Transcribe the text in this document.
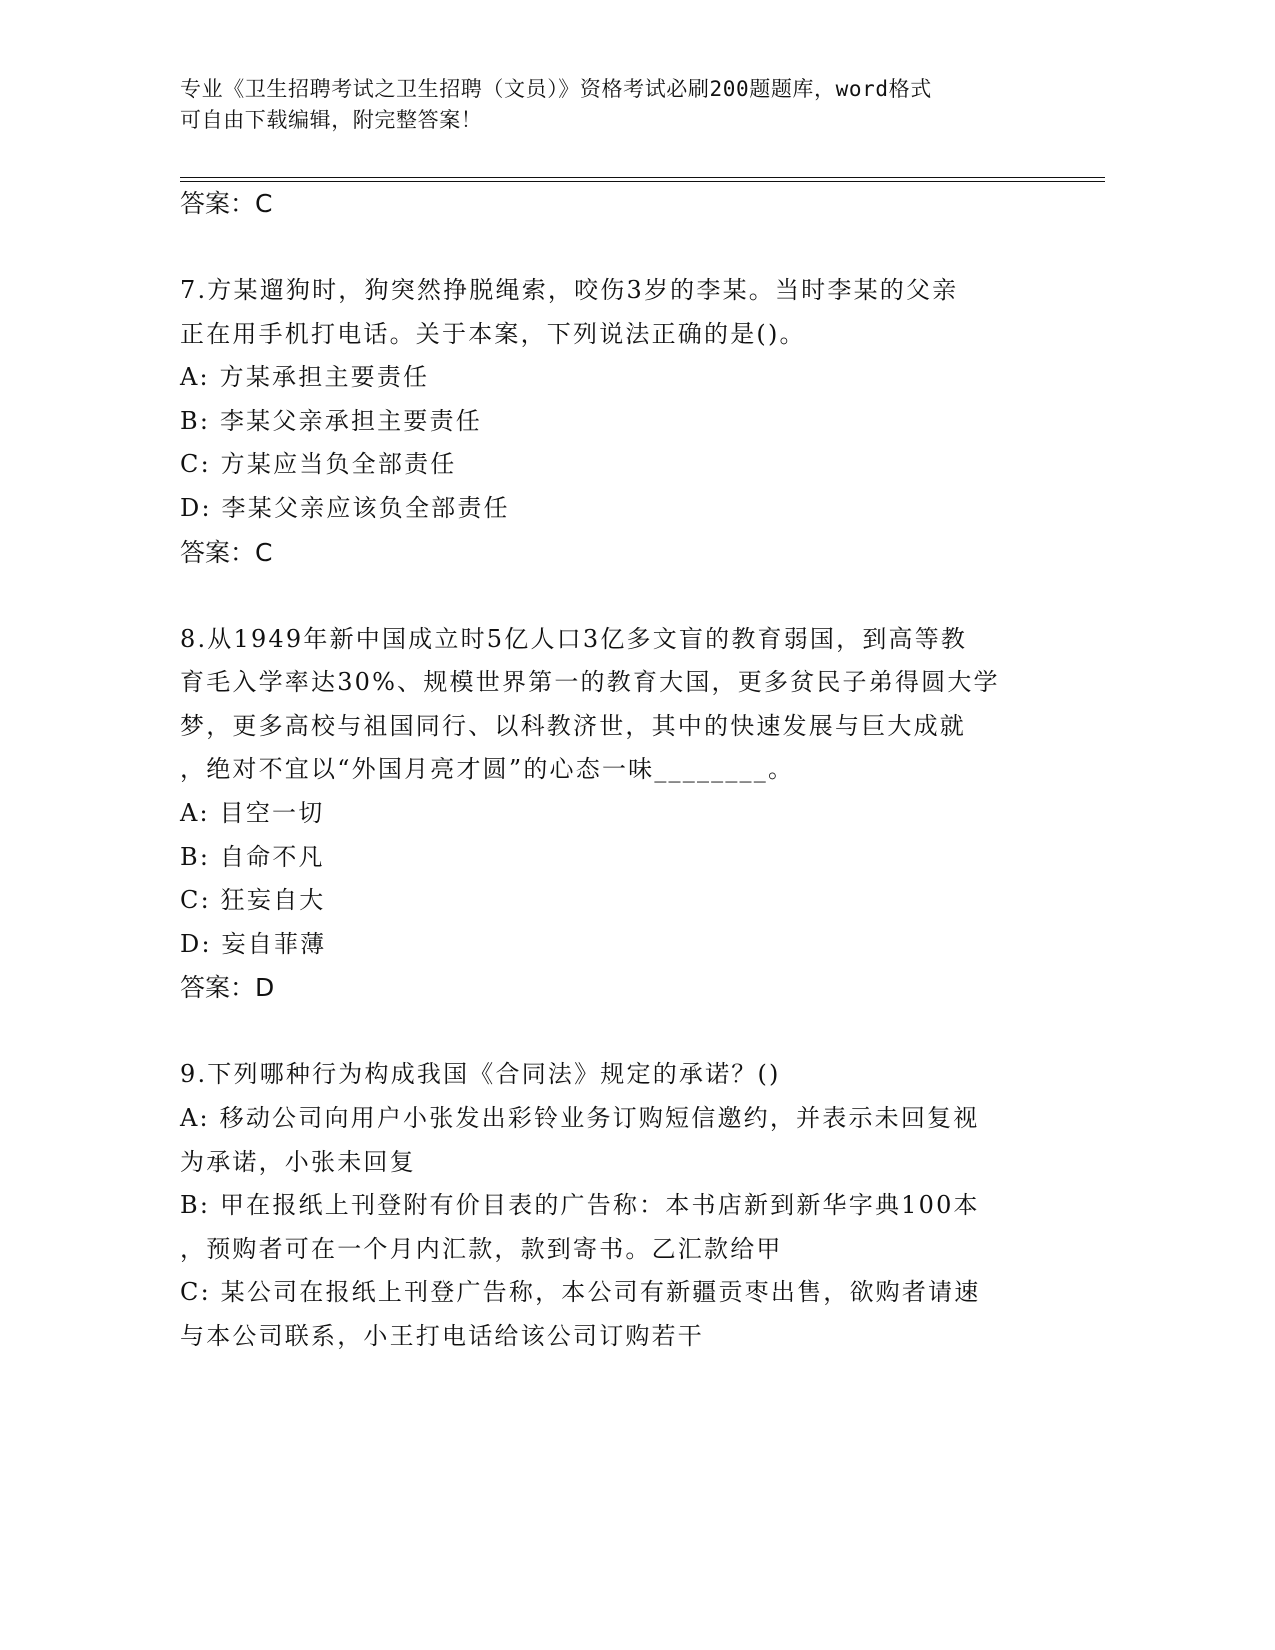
专业《卫生招聘考试之卫生招聘（文员）》资格考试必刷200题题库，word格式
可自由下载编辑，附完整答案！
答案：C
7.方某遛狗时，狗突然挣脱绳索，咬伤3岁的李某。当时李某的父亲
正在用手机打电话。关于本案，下列说法正确的是()。
A: 方某承担主要责任
B: 李某父亲承担主要责任
C: 方某应当负全部责任
D: 李某父亲应该负全部责任
答案：C
8.从1949年新中国成立时5亿人口3亿多文盲的教育弱国，到高等教
育毛入学率达30%、规模世界第一的教育大国，更多贫民子弟得圆大学
梦，更多高校与祖国同行、以科教济世，其中的快速发展与巨大成就
，绝对不宜以“外国月亮才圆”的心态一味________。
A: 目空一切
B: 自命不凡
C: 狂妄自大
D: 妄自菲薄
答案：D
9.下列哪种行为构成我国《合同法》规定的承诺？()
A: 移动公司向用户小张发出彩铃业务订购短信邀约，并表示未回复视
为承诺，小张未回复
B: 甲在报纸上刊登附有价目表的广告称：本书店新到新华字典100本
，预购者可在一个月内汇款，款到寄书。乙汇款给甲
C: 某公司在报纸上刊登广告称，本公司有新疆贡枣出售，欲购者请速
与本公司联系，小王打电话给该公司订购若干
